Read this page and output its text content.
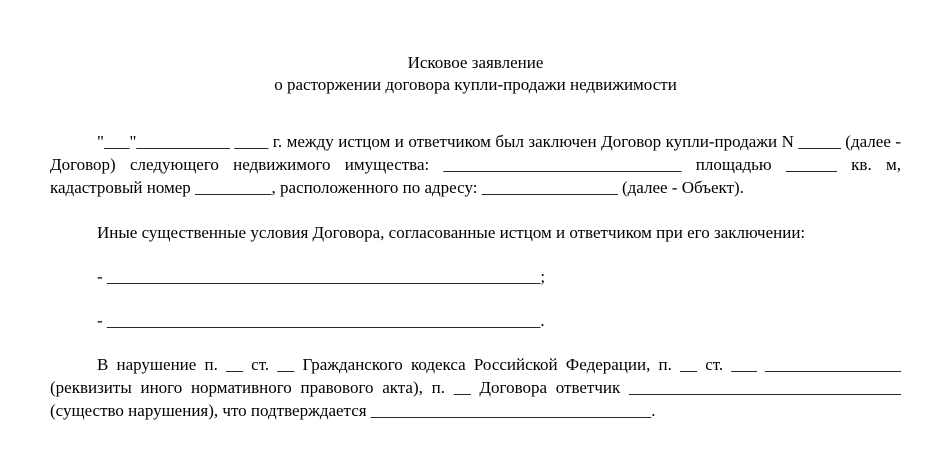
Исковое заявление
о расторжении договора купли-продажи недвижимости

"___"___________ ____ г. между истцом и ответчиком был заключен Договор купли-продажи N _____ (далее - Договор) следующего недвижимого имущества: ____________________________ площадью ______ кв. м, кадастровый номер _________, расположенного по адресу: ________________ (далее - Объект).

Иные существенные условия Договора, согласованные истцом и ответчиком при его заключении:

- ___________________________________________________;

- ___________________________________________________.

В нарушение п. __ ст. __ Гражданского кодекса Российской Федерации, п. __ ст. ___ ________________ (реквизиты иного нормативного правового акта), п. __ Договора ответчик ________________________________ (существо нарушения), что подтверждается _________________________________.
